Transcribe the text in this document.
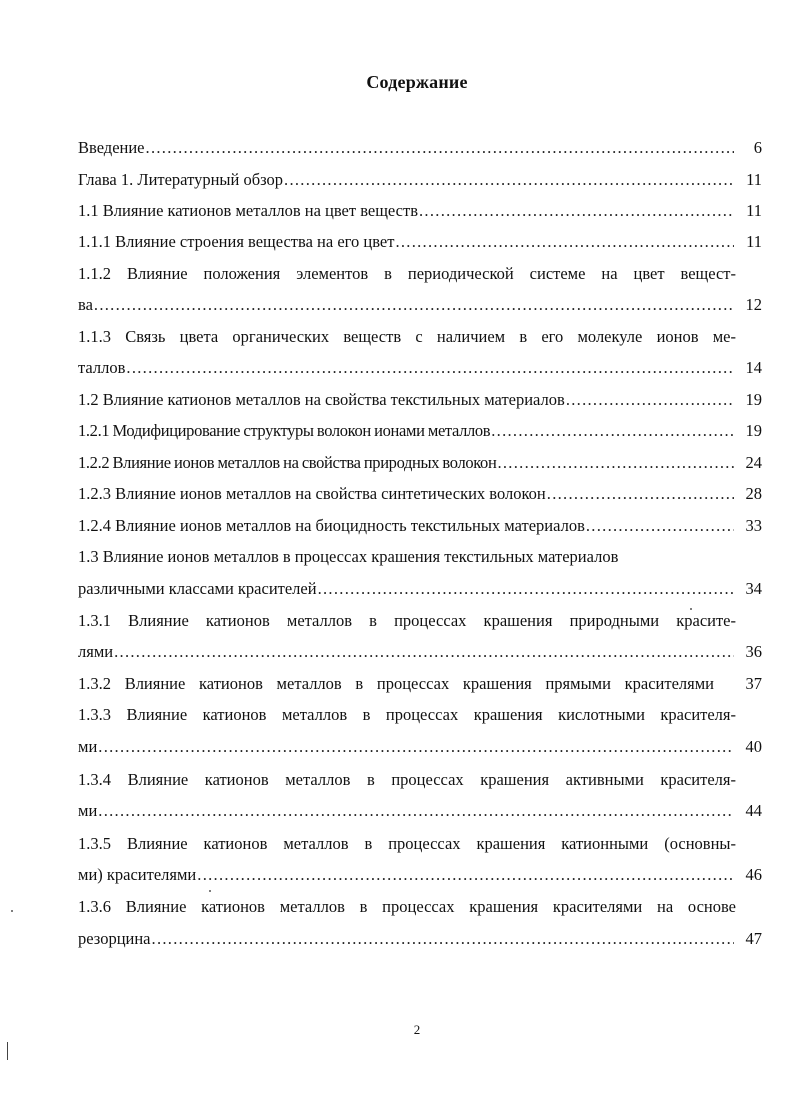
Содержание
Введение .....	6
Глава 1. Литературный обзор .....	11
1.1 Влияние катионов металлов на цвет веществ .....	11
1.1.1 Влияние строения вещества на его цвет .....	11
1.1.2 Влияние положения элементов в периодической системе на цвет вещест-
ва .....	12
1.1.3 Связь цвета органических веществ с наличием в его молекуле ионов ме-
таллов .....	14
1.2 Влияние катионов металлов на свойства текстильных материалов .....	19
1.2.1 Модифицирование структуры волокон ионами металлов .....	19
1.2.2 Влияние ионов металлов на свойства природных волокон .....	24
1.2.3 Влияние ионов металлов на свойства синтетических волокон .....	28
1.2.4 Влияние ионов металлов на биоцидность текстильных материалов .....	33
1.3 Влияние ионов металлов в процессах крашения текстильных материалов
различными классами красителей .....	34
1.3.1 Влияние катионов металлов в процессах крашения природными красите-
лями .....	36
1.3.2 Влияние катионов металлов в процессах крашения прямыми красителями	37
1.3.3 Влияние катионов металлов в процессах крашения кислотными красителя-
ми .....	40
1.3.4 Влияние катионов металлов в процессах крашения активными красителя-
ми .....	44
1.3.5 Влияние катионов металлов в процессах крашения катионными (основны-
ми) красителями .....	46
1.3.6 Влияние катионов металлов в процессах крашения красителями на основе
резорцина .....	47
2
